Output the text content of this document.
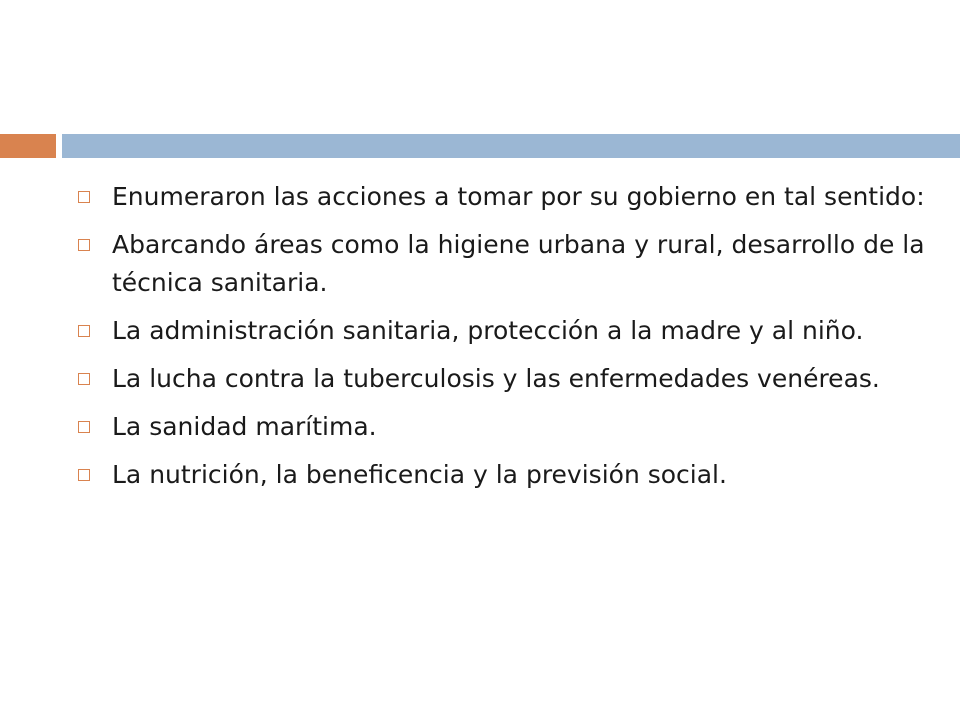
Enumeraron las acciones a tomar por su gobierno en tal sentido:
Abarcando áreas como la higiene urbana y rural, desarrollo de la técnica sanitaria.
La administración sanitaria, protección a la madre y al niño.
La lucha contra la tuberculosis y las enfermedades venéreas.
La sanidad marítima.
La nutrición, la beneficencia y la previsión social.
